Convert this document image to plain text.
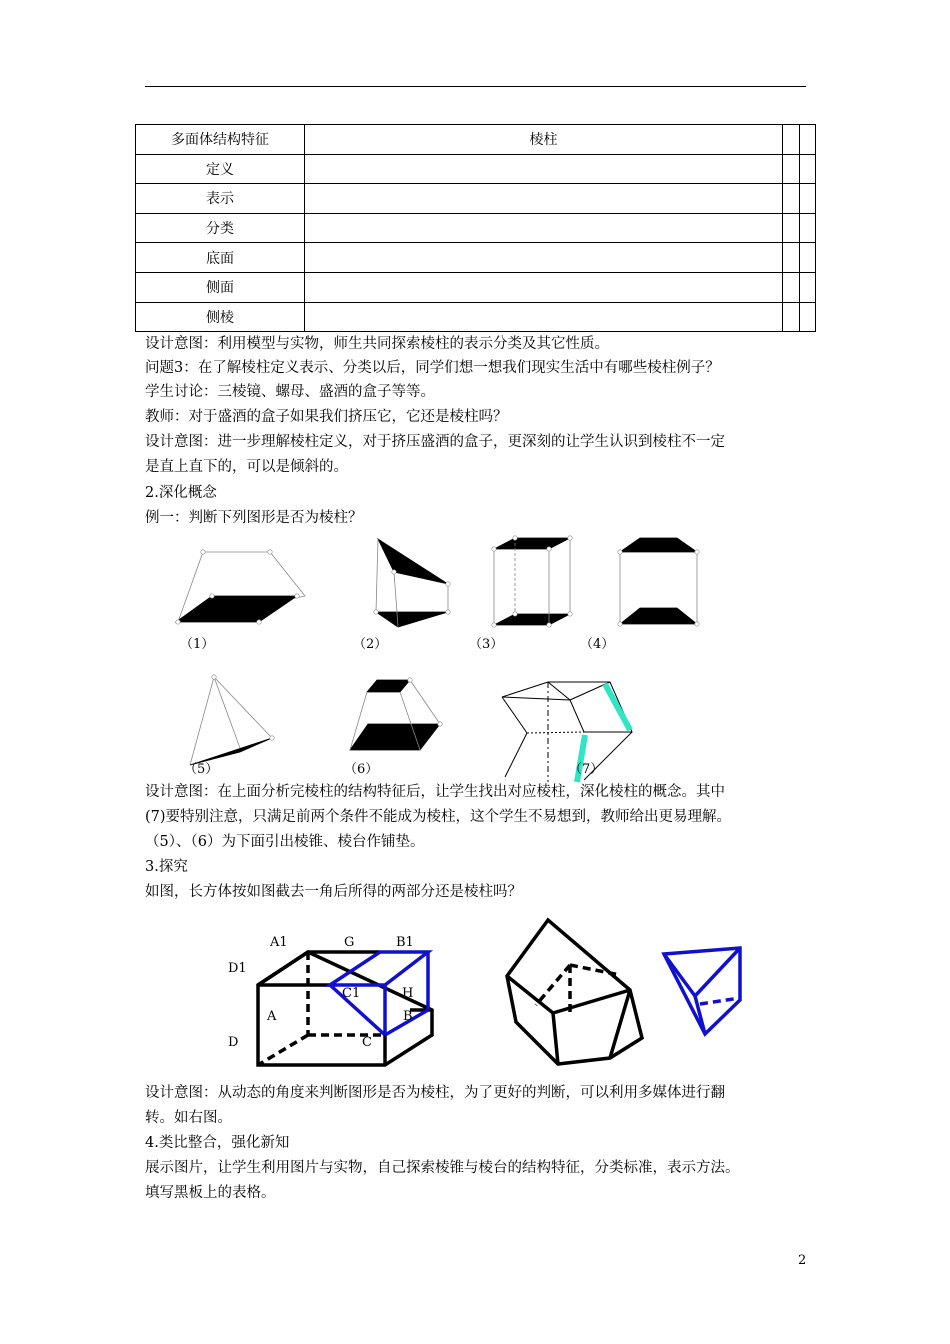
多面体结构特征	棱柱		
定义			
表示			
分类			
底面			
侧面			
侧棱			
设计意图：利用模型与实物，师生共同探索棱柱的表示分类及其它性质。
问题3：在了解棱柱定义表示、分类以后，同学们想一想我们现实生活中有哪些棱柱例子？
学生讨论：三棱镜、螺母、盛酒的盒子等等。
教师：对于盛酒的盒子如果我们挤压它，它还是棱柱吗？
设计意图：进一步理解棱柱定义，对于挤压盛酒的盒子，更深刻的让学生认识到棱柱不一定
是直上直下的，可以是倾斜的。
2.深化概念
例一：判断下列图形是否为棱柱？
（1）	（2）	（3）	（4）
（5）	（6）	（7）
设计意图：在上面分析完棱柱的结构特征后，让学生找出对应棱柱，深化棱柱的概念。其中
(7)要特别注意，只满足前两个条件不能成为棱柱，这个学生不易想到，教师给出更易理解。
（5）、（6）为下面引出棱锥、棱台作铺垫。
3.探究
如图，长方体按如图截去一角后所得的两部分还是棱柱吗？
A1	G	B1
D1
C1	H
A	B
D	C
设计意图：从动态的角度来判断图形是否为棱柱，为了更好的判断，可以利用多媒体进行翻
转。如右图。
4.类比整合，强化新知
展示图片，让学生利用图片与实物，自己探索棱锥与棱台的结构特征，分类标准，表示方法。
填写黑板上的表格。
2
